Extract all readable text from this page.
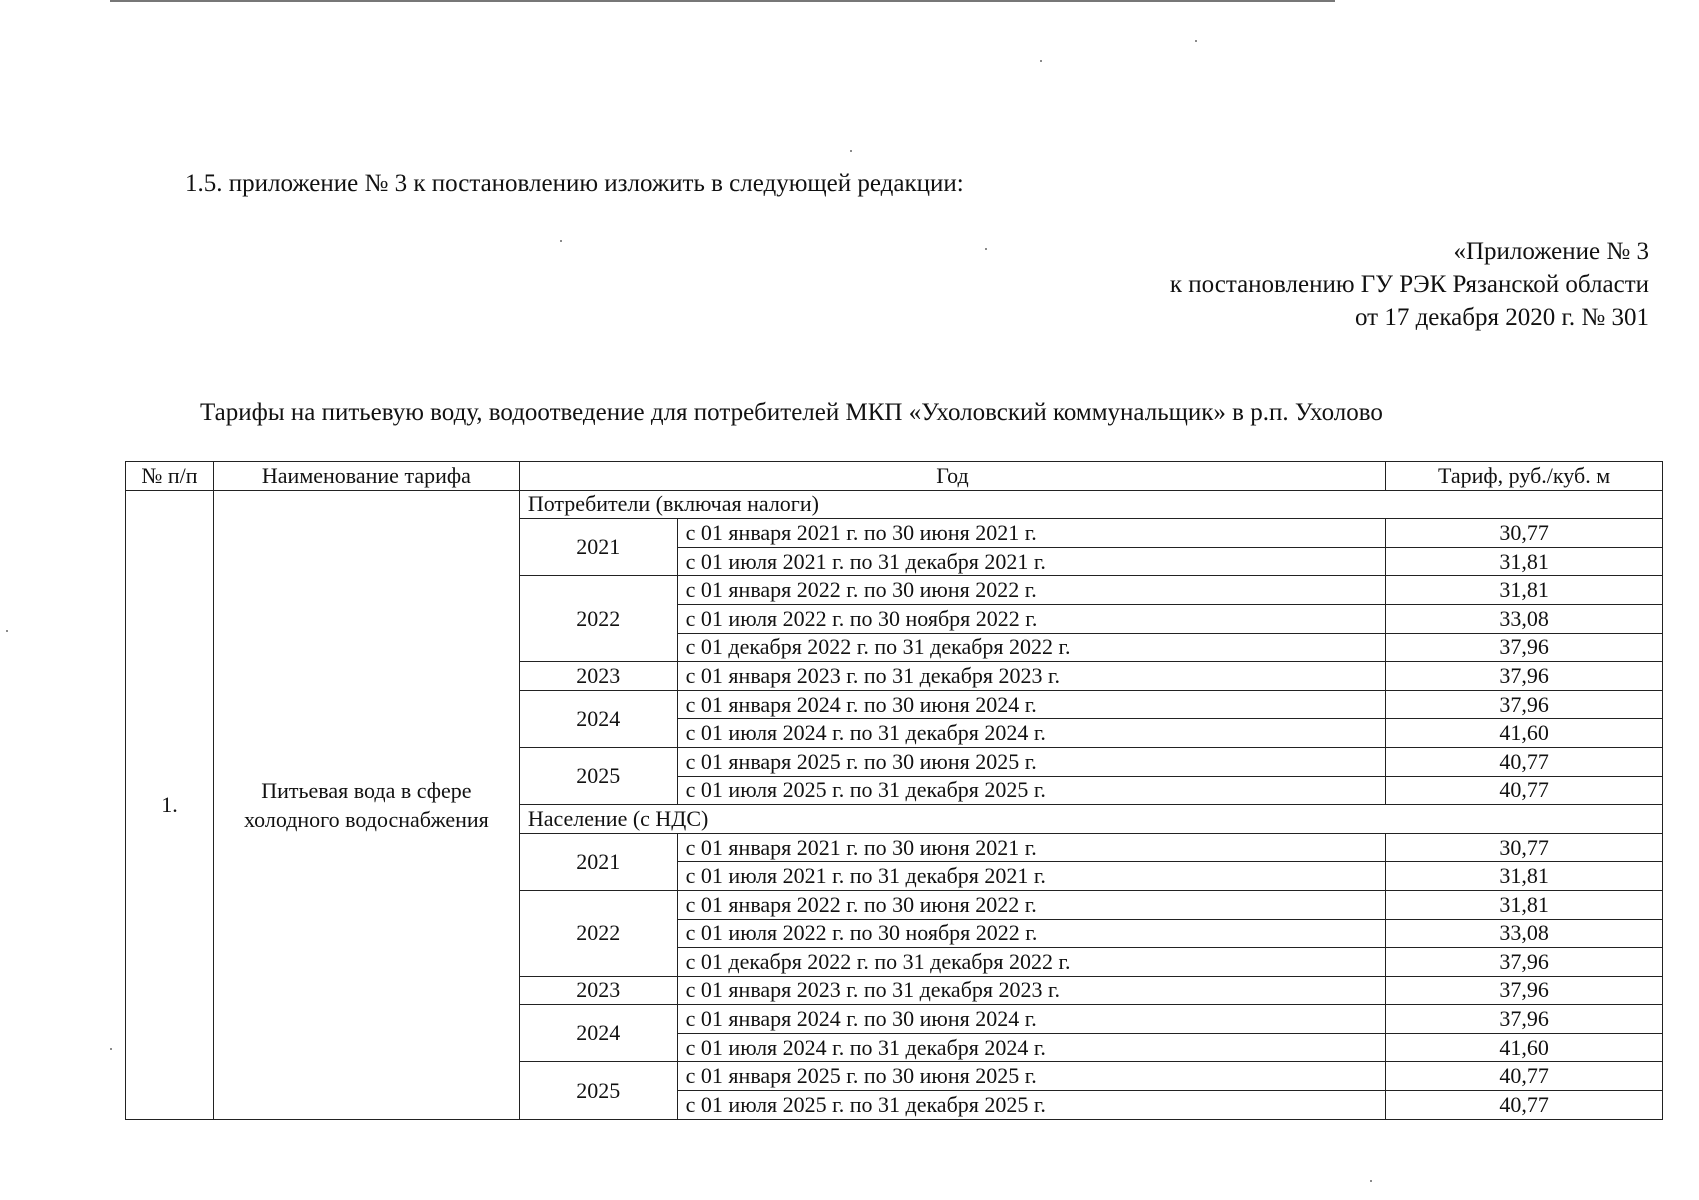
1.5. приложение № 3 к постановлению изложить в следующей редакции:
«Приложение № 3
к постановлению ГУ РЭК Рязанской области
от 17 декабря 2020 г. № 301
Тарифы на питьевую воду, водоотведение для потребителей МКП «Ухоловский коммунальщик» в р.п. Ухолово
№ п/п	Наименование тарифа	Год		Тариф, руб./куб. м
1.	Питьевая вода в сфере холодного водоснабжения	Потребители (включая налоги)		
		2021	с 01 января 2021 г. по 30 июня 2021 г.	30,77
			с 01 июля 2021 г. по 31 декабря 2021 г.	31,81
		2022	с 01 января 2022 г. по 30 июня 2022 г.	31,81
			с 01 июля 2022 г. по 30 ноября 2022 г.	33,08
			с 01 декабря 2022 г. по 31 декабря 2022 г.	37,96
		2023	с 01 января 2023 г. по 31 декабря 2023 г.	37,96
		2024	с 01 января 2024 г. по 30 июня 2024 г.	37,96
			с 01 июля 2024 г. по 31 декабря 2024 г.	41,60
		2025	с 01 января 2025 г. по 30 июня 2025 г.	40,77
			с 01 июля 2025 г. по 31 декабря 2025 г.	40,77
		Население (с НДС)		
		2021	с 01 января 2021 г. по 30 июня 2021 г.	30,77
			с 01 июля 2021 г. по 31 декабря 2021 г.	31,81
		2022	с 01 января 2022 г. по 30 июня 2022 г.	31,81
			с 01 июля 2022 г. по 30 ноября 2022 г.	33,08
			с 01 декабря 2022 г. по 31 декабря 2022 г.	37,96
		2023	с 01 января 2023 г. по 31 декабря 2023 г.	37,96
		2024	с 01 января 2024 г. по 30 июня 2024 г.	37,96
			с 01 июля 2024 г. по 31 декабря 2024 г.	41,60
		2025	с 01 января 2025 г. по 30 июня 2025 г.	40,77
			с 01 июля 2025 г. по 31 декабря 2025 г.	40,77
